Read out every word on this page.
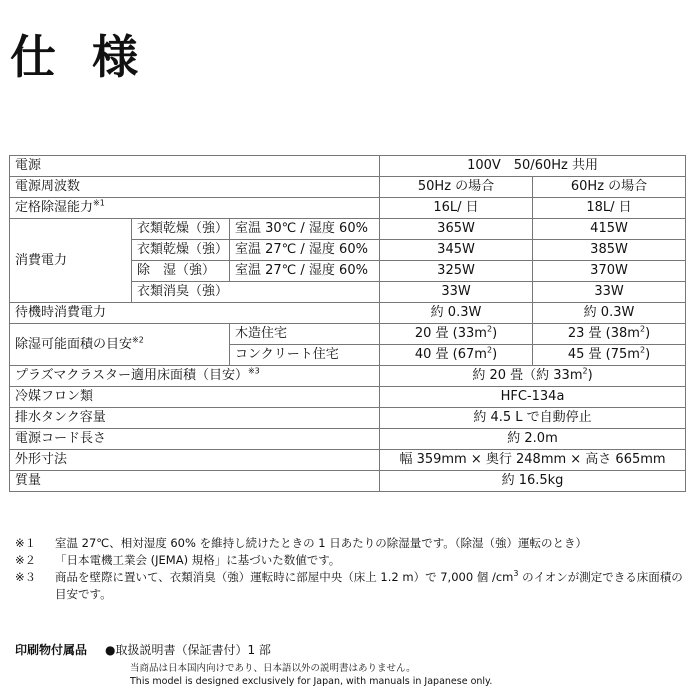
仕 様
電源			100V　50/60Hz 共用	
電源周波数			50Hz の場合	60Hz の場合
定格除湿能力$^{※1}$			16L/ 日	18L/ 日
消費電力	衣類乾燥（強）	室温 30℃ / 湿度 60%	365W	415W
	衣類乾燥（強）	室温 27℃ / 湿度 60%	345W	385W
	除　湿（強）	室温 27℃ / 湿度 60%	325W	370W
	衣類消臭（強）		33W	33W
待機時消費電力			約 0.3W	約 0.3W
除湿可能面積の目安$^{※2}$		木造住宅	20 畳 $(33m^2)$	23 畳 $(38m^2)$
		コンクリート住宅	40 畳 $(67m^2)$	45 畳 $(75m^2)$
プラズマクラスター適用床面積（目安）$^{※3}$			約 20 畳（約 $33m^2$)	
冷媒フロン類			HFC-134a	
排水タンク容量			約 4.5 L で自動停止	
電源コード長さ			約 2.0m	
外形寸法			幅 359mm × 奥行 248mm × 高さ 665mm	
質量			約 16.5kg	
※１	室温 27℃、相対湿度 60% を維持し続けたときの 1 日あたりの除湿量です。（除湿（強）運転のとき）
※２	「日本電機工業会 (JEMA) 規格」に基づいた数値です。
※３	商品を壁際に置いて、衣類消臭（強）運転時に部屋中央（床上 1.2 m）で 7,000 個 $/cm^3$ のイオンが測定できる床面積の目安です。
印刷物付属品 ●取扱説明書（保証書付）1 部
当商品は日本国内向けであり、日本語以外の説明書はありません。
This model is designed exclusively for Japan, with manuals in Japanese only.
